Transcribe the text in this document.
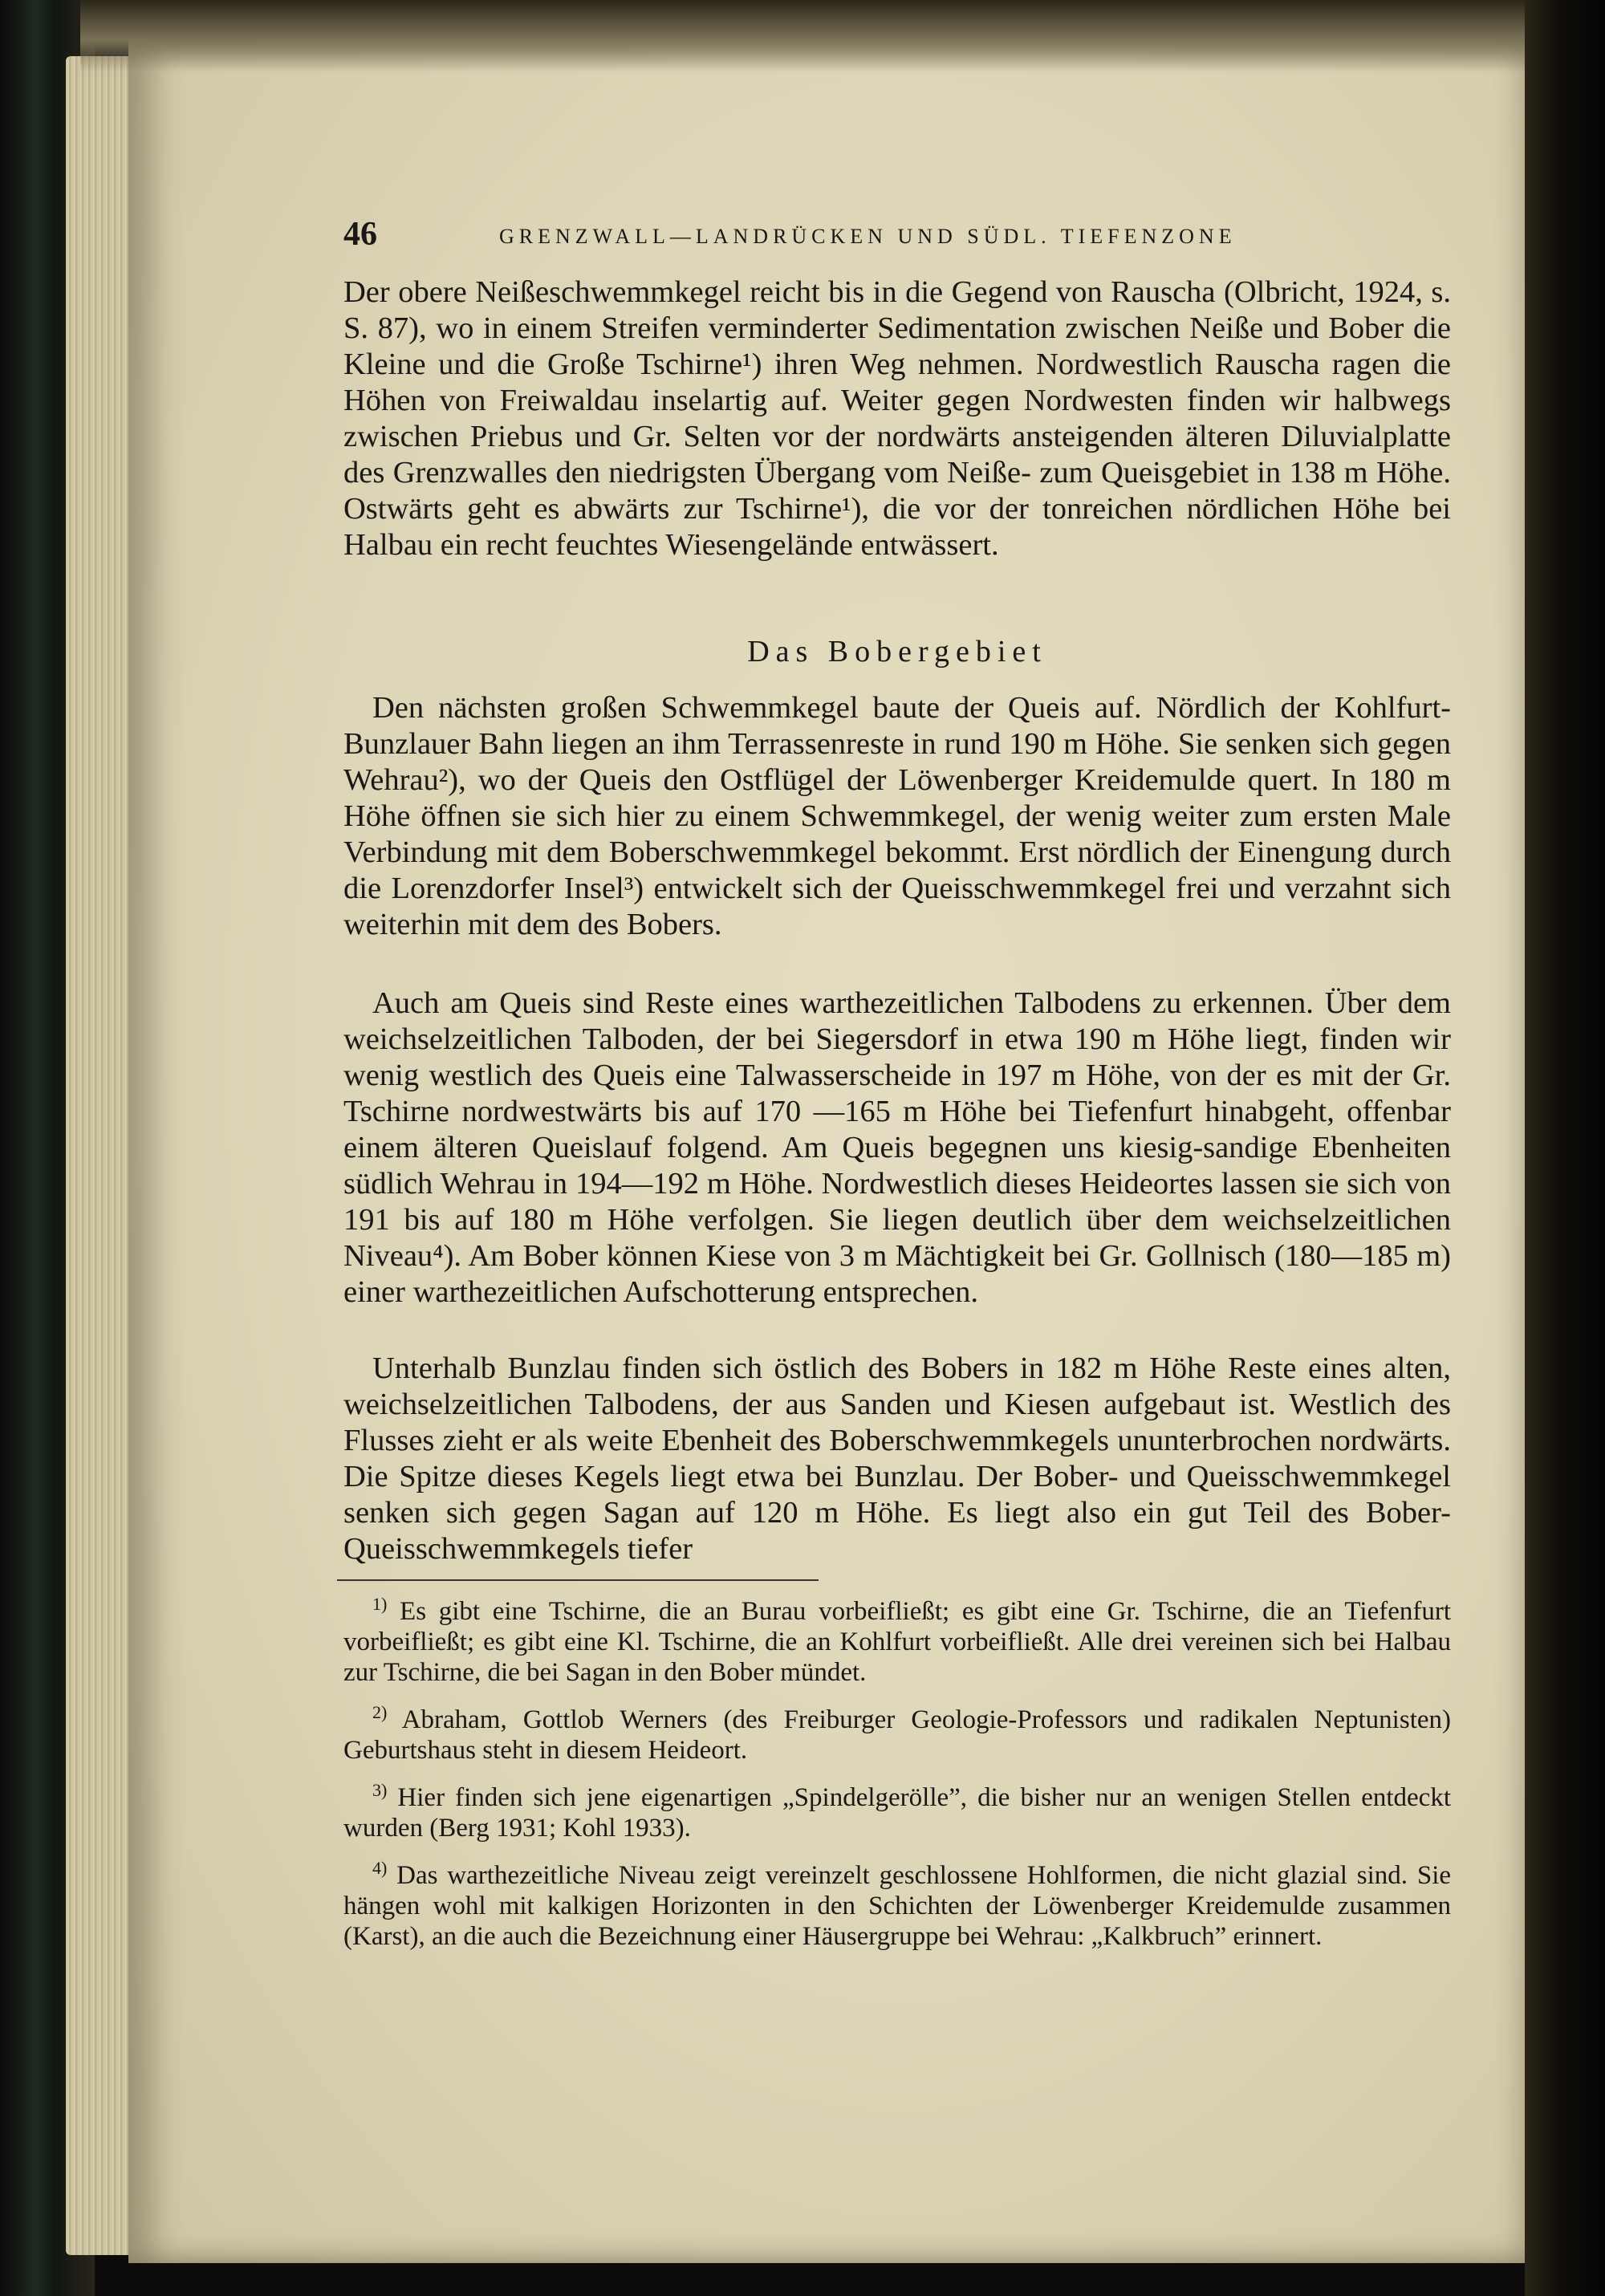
46	GRENZWALL—LANDRÜCKEN UND SÜDL. TIEFENZONE
Der obere Neißeschwemmkegel reicht bis in die Gegend von Rauscha (Olbricht, 1924, s. S. 87), wo in einem Streifen verminderter Sedimentation zwischen Neiße und Bober die Kleine und die Große Tschirne¹) ihren Weg nehmen. Nordwestlich Rauscha ragen die Höhen von Freiwaldau inselartig auf. Weiter gegen Nordwesten finden wir halbwegs zwischen Priebus und Gr. Selten vor der nordwärts ansteigenden älteren Diluvialplatte des Grenzwalles den niedrigsten Übergang vom Neiße- zum Queisgebiet in 138 m Höhe. Ostwärts geht es abwärts zur Tschirne¹), die vor der tonreichen nördlichen Höhe bei Halbau ein recht feuchtes Wiesengelände entwässert.
Das Bobergebiet
Den nächsten großen Schwemmkegel baute der Queis auf. Nördlich der Kohlfurt-Bunzlauer Bahn liegen an ihm Terrassenreste in rund 190 m Höhe. Sie senken sich gegen Wehrau²), wo der Queis den Ostflügel der Löwenberger Kreidemulde quert. In 180 m Höhe öffnen sie sich hier zu einem Schwemmkegel, der wenig weiter zum ersten Male Verbindung mit dem Boberschwemmkegel bekommt. Erst nördlich der Einengung durch die Lorenzdorfer Insel³) entwickelt sich der Queisschwemmkegel frei und verzahnt sich weiterhin mit dem des Bobers.
Auch am Queis sind Reste eines warthezeitlichen Talbodens zu erkennen. Über dem weichselzeitlichen Talboden, der bei Siegersdorf in etwa 190 m Höhe liegt, finden wir wenig westlich des Queis eine Talwasserscheide in 197 m Höhe, von der es mit der Gr. Tschirne nordwestwärts bis auf 170 —165 m Höhe bei Tiefenfurt hinabgeht, offenbar einem älteren Queislauf folgend. Am Queis begegnen uns kiesig-sandige Ebenheiten südlich Wehrau in 194—192 m Höhe. Nordwestlich dieses Heideortes lassen sie sich von 191 bis auf 180 m Höhe verfolgen. Sie liegen deutlich über dem weichselzeitlichen Niveau⁴). Am Bober können Kiese von 3 m Mächtigkeit bei Gr. Gollnisch (180—185 m) einer warthezeitlichen Aufschotterung entsprechen.
Unterhalb Bunzlau finden sich östlich des Bobers in 182 m Höhe Reste eines alten, weichselzeitlichen Talbodens, der aus Sanden und Kiesen aufgebaut ist. Westlich des Flusses zieht er als weite Ebenheit des Boberschwemmkegels ununterbrochen nordwärts. Die Spitze dieses Kegels liegt etwa bei Bunzlau. Der Bober- und Queisschwemmkegel senken sich gegen Sagan auf 120 m Höhe. Es liegt also ein gut Teil des Bober-Queisschwemmkegels tiefer

$^{1)}$ Es gibt eine Tschirne, die an Burau vorbeifließt; es gibt eine Gr. Tschirne, die an Tiefenfurt vorbeifließt; es gibt eine Kl. Tschirne, die an Kohlfurt vorbeifließt. Alle drei vereinen sich bei Halbau zur Tschirne, die bei Sagan in den Bober mündet.

$^{2)}$ Abraham, Gottlob Werners (des Freiburger Geologie-Professors und radikalen Neptunisten) Geburtshaus steht in diesem Heideort.

$^{3)}$ Hier finden sich jene eigenartigen „Spindelgerölle”, die bisher nur an wenigen Stellen entdeckt wurden (Berg 1931; Kohl 1933).

$^{4)}$ Das warthezeitliche Niveau zeigt vereinzelt geschlossene Hohlformen, die nicht glazial sind. Sie hängen wohl mit kalkigen Horizonten in den Schichten der Löwenberger Kreidemulde zusammen (Karst), an die auch die Bezeichnung einer Häusergruppe bei Wehrau: „Kalkbruch” erinnert.
